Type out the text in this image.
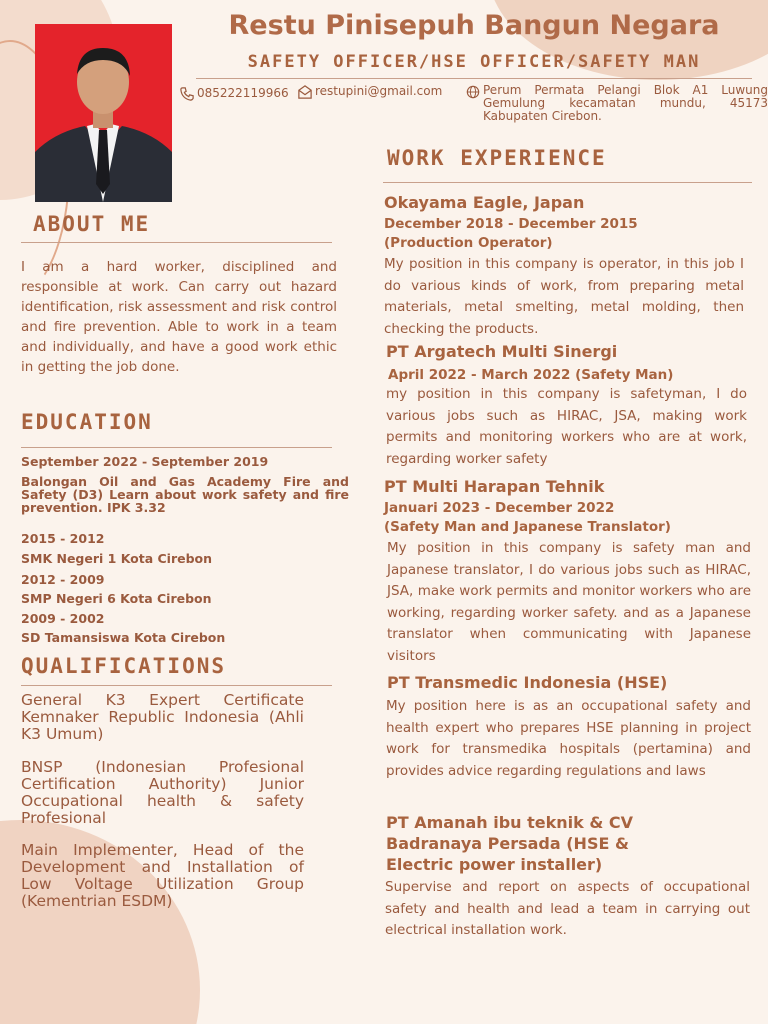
Restu Pinisepuh Bangun Negara
SAFETY OFFICER/HSE OFFICER/SAFETY MAN
085222119966 restupini@gmail.com	Perum Permata Pelangi Blok A1 Luwung Gemulung kecamatan mundu, 45173 Kabupaten Cirebon.
ABOUT ME
I am a hard worker, disciplined and responsible at work. Can carry out hazard identification, risk assessment and risk control and fire prevention. Able to work in a team and individually, and have a good work ethic in getting the job done.
EDUCATION
September 2022 - September 2019
Balongan Oil and Gas Academy Fire and Safety (D3) Learn about work safety and fire prevention. IPK 3.32
2015 - 2012
SMK Negeri 1 Kota Cirebon
2012 - 2009
SMP Negeri 6 Kota Cirebon
2009 - 2002
SD Tamansiswa Kota Cirebon
QUALIFICATIONS
General K3 Expert Certificate Kemnaker Republic Indonesia (Ahli K3 Umum)
BNSP (Indonesian Profesional Certification Authority) Junior Occupational health & safety Profesional
Main Implementer, Head of the Development and Installation of Low Voltage Utilization Group (Kementrian ESDM)
WORK EXPERIENCE
Okayama Eagle, Japan
December 2018 - December 2015
(Production Operator)
My position in this company is operator, in this job I do various kinds of work, from preparing metal materials, metal smelting, metal molding, then checking the products.
PT Argatech Multi Sinergi
April 2022 - March 2022 (Safety Man)
my position in this company is safetyman, I do various jobs such as HIRAC, JSA, making work permits and monitoring workers who are at work, regarding worker safety
PT Multi Harapan Tehnik
Januari 2023 - December 2022
(Safety Man and Japanese Translator)
My position in this company is safety man and Japanese translator, I do various jobs such as HIRAC, JSA, make work permits and monitor workers who are working, regarding worker safety. and as a Japanese translator when communicating with Japanese visitors
PT Transmedic Indonesia (HSE)
My position here is as an occupational safety and health expert who prepares HSE planning in project work for transmedika hospitals (pertamina) and provides advice regarding regulations and laws
PT Amanah ibu teknik & CV Badranaya Persada (HSE & Electric power installer)
Supervise and report on aspects of occupational safety and health and lead a team in carrying out electrical installation work.
